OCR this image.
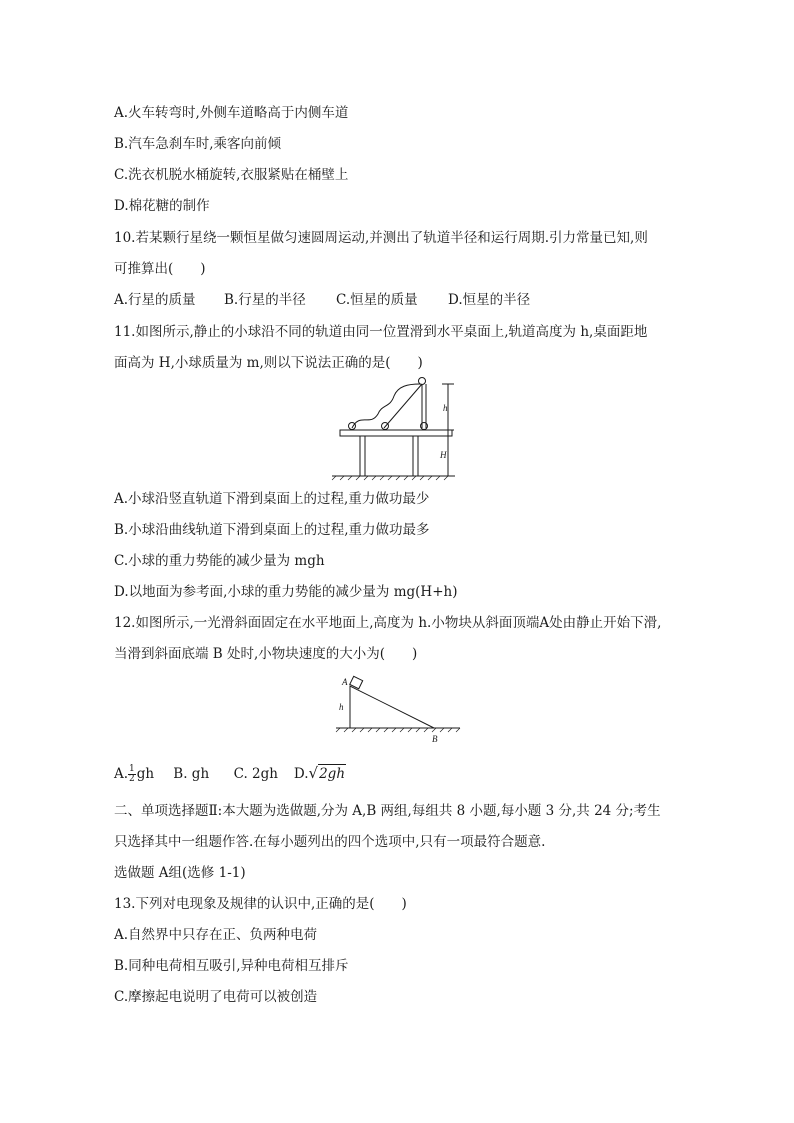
A.火车转弯时,外侧车道略高于内侧车道
B.汽车急刹车时,乘客向前倾
C.洗衣机脱水桶旋转,衣服紧贴在桶壁上
D.棉花糖的制作
10.若某颗行星绕一颗恒星做匀速圆周运动,并测出了轨道半径和运行周期.引力常量已知,则
可推算出(　　)
A.行星的质量 B.行星的半径 C.恒星的质量 D.恒星的半径
11.如图所示,静止的小球沿不同的轨道由同一位置滑到水平桌面上,轨道高度为 h,桌面距地
面高为 H,小球质量为 m,则以下说法正确的是(　　)
h
H
A.小球沿竖直轨道下滑到桌面上的过程,重力做功最少
B.小球沿曲线轨道下滑到桌面上的过程,重力做功最多
C.小球的重力势能的减少量为 mgh
D.以地面为参考面,小球的重力势能的减少量为 mg(H+h)
12.如图所示,一光滑斜面固定在水平地面上,高度为 h.小物块从斜面顶端A处由静止开始下滑,
当滑到斜面底端 B 处时,小物块速度的大小为(　　)
A
h
B
A. $\frac{1}{2}$ gh B. gh C. 2gh D.√2gh
二、单项选择题Ⅱ:本大题为选做题,分为 A,B 两组,每组共 8 小题,每小题 3 分,共 24 分;考生
只选择其中一组题作答.在每小题列出的四个选项中,只有一项最符合题意.
选做题 A组(选修 1-1)
13.下列对电现象及规律的认识中,正确的是(　　)
A.自然界中只存在正、负两种电荷
B.同种电荷相互吸引,异种电荷相互排斥
C.摩擦起电说明了电荷可以被创造
